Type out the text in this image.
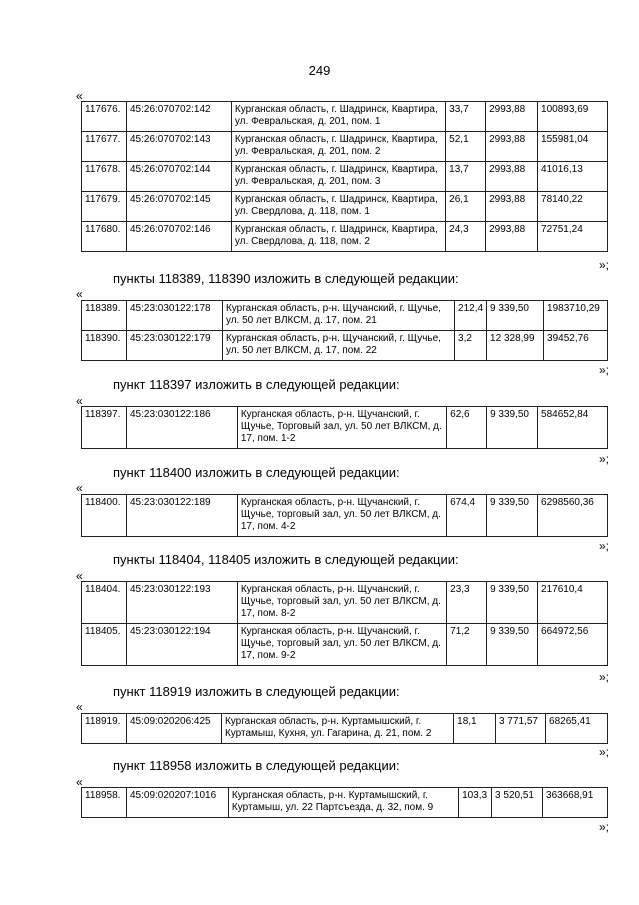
249
«
117676.	45:26:070702:142	Курганская область, г. Шадринск, Квартира, ул. Февральская, д. 201, пом. 1	33,7	2993,88	100893,69
117677.	45:26:070702:143	Курганская область, г. Шадринск, Квартира, ул. Февральская, д. 201, пом. 2	52,1	2993,88	155981,04
117678.	45:26:070702:144	Курганская область, г. Шадринск, Квартира, ул. Февральская, д. 201, пом. 3	13,7	2993,88	41016,13
117679.	45:26:070702:145	Курганская область, г. Шадринск, Квартира, ул. Свердлова, д. 118, пом. 1	26,1	2993,88	78140,22
117680.	45:26:070702:146	Курганская область, г. Шадринск, Квартира, ул. Свердлова, д. 118, пом. 2	24,3	2993,88	72751,24
»;
пункты 118389, 118390 изложить в следующей редакции:
«
118389.	45:23:030122:178	Курганская область, р-н. Щучанский, г. Щучье, ул. 50 лет ВЛКСМ, д. 17, пом. 21	212,4	9 339,50	1983710,29
118390.	45:23:030122:179	Курганская область, р-н. Щучанский, г. Щучье, ул. 50 лет ВЛКСМ, д. 17, пом. 22	3,2	12 328,99	39452,76
»;
пункт 118397 изложить в следующей редакции:
«
118397.	45:23:030122:186	Курганская область, р-н. Щучанский, г. Щучье, Торговый зал, ул. 50 лет ВЛКСМ, д. 17, пом. 1-2	62,6	9 339,50	584652,84
»;
пункт 118400 изложить в следующей редакции:
«
118400.	45:23:030122:189	Курганская область, р-н. Щучанский, г. Щучье, торговый зал, ул. 50 лет ВЛКСМ, д. 17, пом. 4-2	674,4	9 339,50	6298560,36
»;
пункты 118404, 118405 изложить в следующей редакции:
«
118404.	45:23:030122:193	Курганская область, р-н. Щучанский, г. Щучье, торговый зал, ул. 50 лет ВЛКСМ, д. 17, пом. 8-2	23,3	9 339,50	217610,4
118405.	45:23:030122:194	Курганская область, р-н. Щучанский, г. Щучье, торговый зал, ул. 50 лет ВЛКСМ, д. 17, пом. 9-2	71,2	9 339,50	664972,56
»;
пункт 118919 изложить в следующей редакции:
«
118919.	45:09:020206:425	Курганская область, р-н. Куртамышский, г. Куртамыш, Кухня, ул. Гагарина, д. 21, пом. 2	18,1	3 771,57	68265,41
»;
пункт 118958 изложить в следующей редакции:
«
118958.	45:09:020207:1016	Курганская область, р-н. Куртамышский, г. Куртамыш, ул. 22 Партсъезда, д. 32, пом. 9	103,3	3 520,51	363668,91
»;
